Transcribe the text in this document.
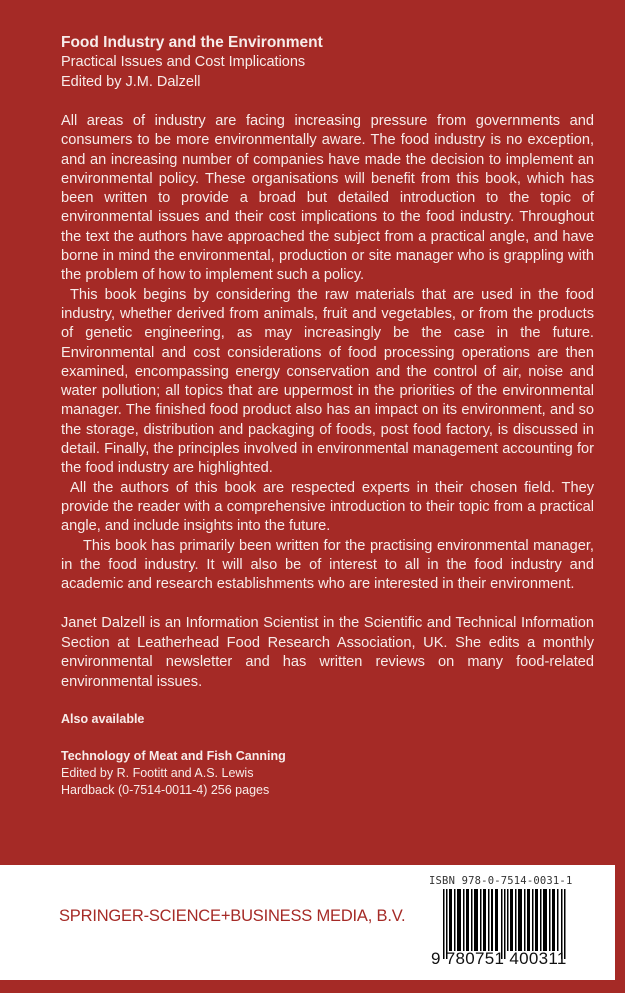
Food Industry and the Environment
Practical Issues and Cost Implications
Edited by J.M. Dalzell

All areas of industry are facing increasing pressure from governments and consumers to be more environmentally aware. The food industry is no exception, and an increasing number of companies have made the decision to implement an environmental policy. These organisations will benefit from this book, which has been written to provide a broad but detailed introduction to the topic of environmental issues and their cost implications to the food industry. Throughout the text the authors have approached the subject from a practical angle, and have borne in mind the environmental, production or site manager who is grappling with the problem of how to implement such a policy.

This book begins by considering the raw materials that are used in the food industry, whether derived from animals, fruit and vegetables, or from the products of genetic engineering, as may increasingly be the case in the future. Environmental and cost considerations of food processing operations are then examined, encompassing energy conservation and the control of air, noise and water pollution; all topics that are uppermost in the priorities of the environmental manager. The finished food product also has an impact on its environment, and so the storage, distribution and packaging of foods, post food factory, is discussed in detail. Finally, the principles involved in environmental management accounting for the food industry are highlighted.

All the authors of this book are respected experts in their chosen field. They provide the reader with a comprehensive introduction to their topic from a practical angle, and include insights into the future.

This book has primarily been written for the practising environmental manager, in the food industry. It will also be of interest to all in the food industry and academic and research establishments who are interested in their environment.

Janet Dalzell is an Information Scientist in the Scientific and Technical Information Section at Leatherhead Food Research Association, UK. She edits a monthly environmental newsletter and has written reviews on many food-related environmental issues.
Also available
Technology of Meat and Fish Canning
Edited by R. Footitt and A.S. Lewis
Hardback (0-7514-0011-4) 256 pages
SPRINGER-SCIENCE+BUSINESS MEDIA, B.V.
ISBN 978-0-7514-0031-1
9 780751 400311
